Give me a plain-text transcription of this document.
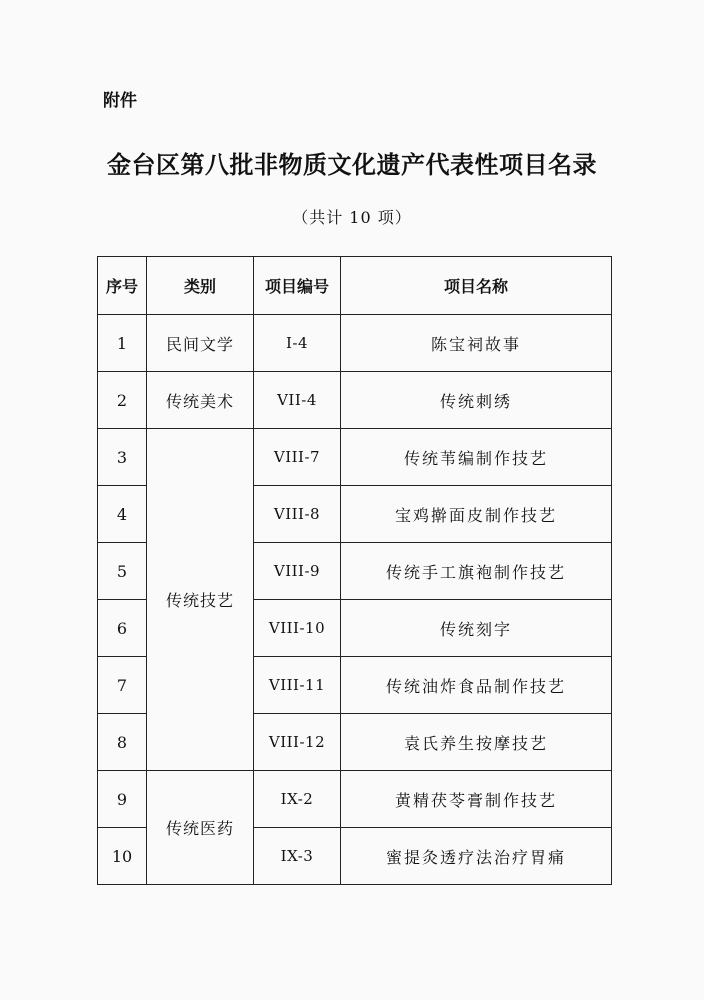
附件
金台区第八批非物质文化遗产代表性项目名录
（共计 10 项）
序号	类别	项目编号	项目名称
1	民间文学	I-4	陈宝祠故事
2	传统美术	VII-4	传统刺绣
3	传统技艺	VIII-7	传统苇编制作技艺
4		VIII-8	宝鸡擀面皮制作技艺
5		VIII-9	传统手工旗袍制作技艺
6		VIII-10	传统刻字
7		VIII-11	传统油炸食品制作技艺
8		VIII-12	袁氏养生按摩技艺
9	传统医药	IX-2	黄精茯苓膏制作技艺
10		IX-3	蜜提灸透疗法治疗胃痛
